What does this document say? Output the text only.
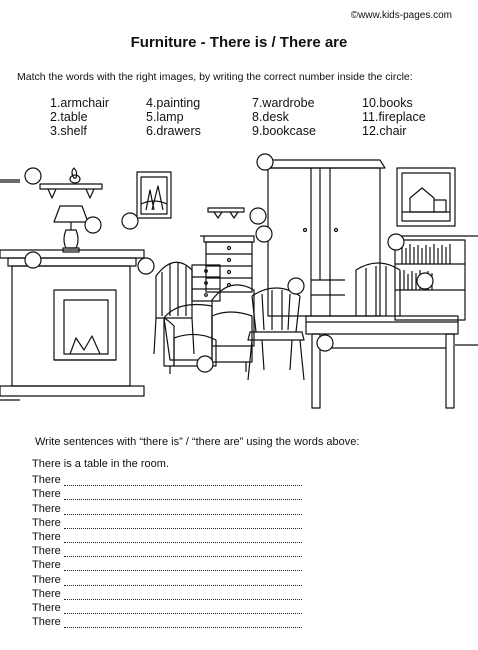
©www.kids-pages.com
Furniture - There is / There are
Match the words with the right images, by writing the correct number inside the circle:
1.armchair
2.table
3.shelf
4.painting
5.lamp
6.drawers
7.wardrobe
8.desk
9.bookcase
10.books
11.fireplace
12.chair
Write sentences with “there is” / “there are” using the words above:
There is a table in the room.
There
There
There
There
There
There
There
There
There
There
There
